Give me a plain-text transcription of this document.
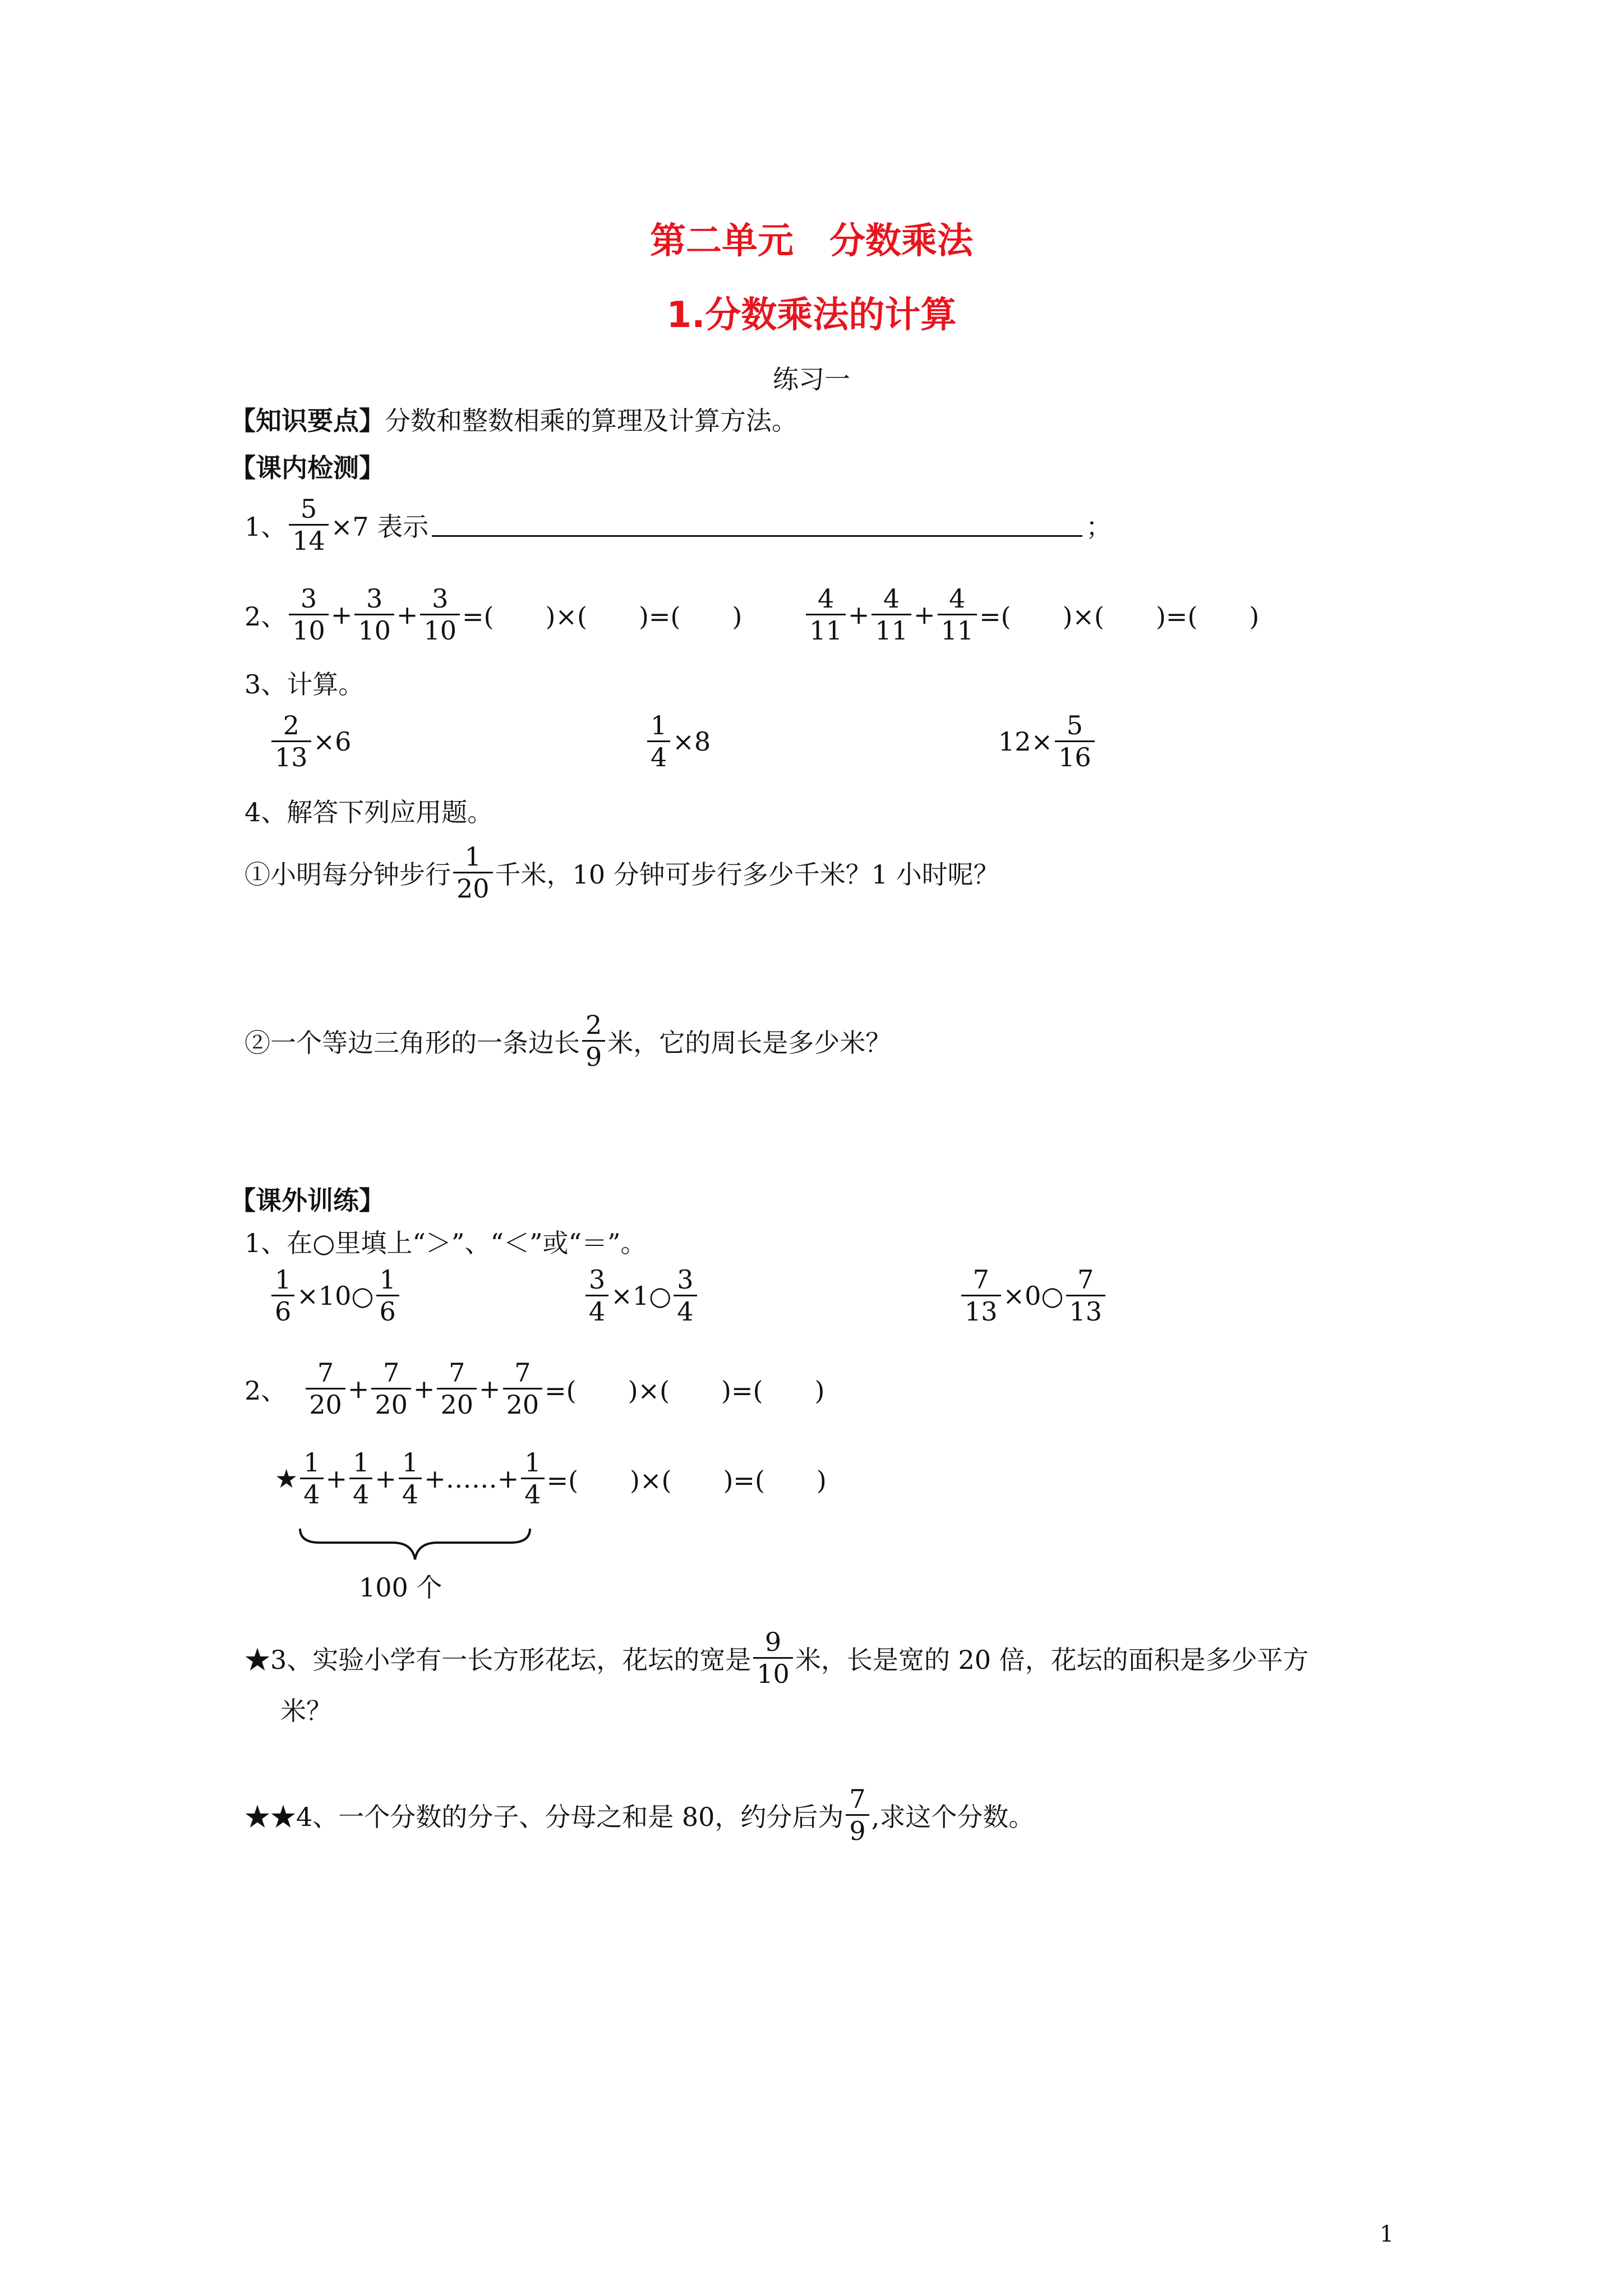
第二单元　分数乘法
1.分数乘法的计算
练习一
【知识要点】分数和整数相乘的算理及计算方法。
【课内检测】
1、 $\frac{5}{14} \times 7$ 表示	；
2、 $\frac{3}{10} + \frac{3}{10} + \frac{3}{10}$ =(　　)×(　　)=(　　) $\frac{4}{11} + \frac{4}{11} + \frac{4}{11}$ =(　　)×(　　)=(　　)
3、计算。
$\frac{2}{13} \times 6$	$\frac{1}{4} \times 8$	$12\times \frac{5}{16}$
4、解答下列应用题。
①小明每分钟步行 $\frac{1}{20}$ 千米，10 分钟可步行多少千米？1 小时呢？
②一个等边三角形的一条边长 $\frac{2}{9}$ 米，它的周长是多少米？
【课外训练】
1、在○里填上“＞”、“＜”或“＝”。
$\frac{1}{6}$ ×10○ $\frac{1}{6}$	$\frac{3}{4}$ ×1○ $\frac{3}{4}$	$\frac{7}{13}$ ×0○ $\frac{7}{13}$
2、 $\frac{7}{20} + \frac{7}{20} + \frac{7}{20} + \frac{7}{20}$ =(　　)×(　　)=(　　)
★ $\frac{1}{4} + \frac{1}{4} + \frac{1}{4}$ + …… + $\frac{1}{4}$ =(　　)×(　　)=(　　)
100 个
★3、实验小学有一长方形花坛，花坛的宽是 $\frac{9}{10}$ 米，长是宽的 20 倍，花坛的面积是多少平方
米？
★★4、一个分数的分子、分母之和是 80，约分后为 $\frac{7}{9}$ ,求这个分数。
1
